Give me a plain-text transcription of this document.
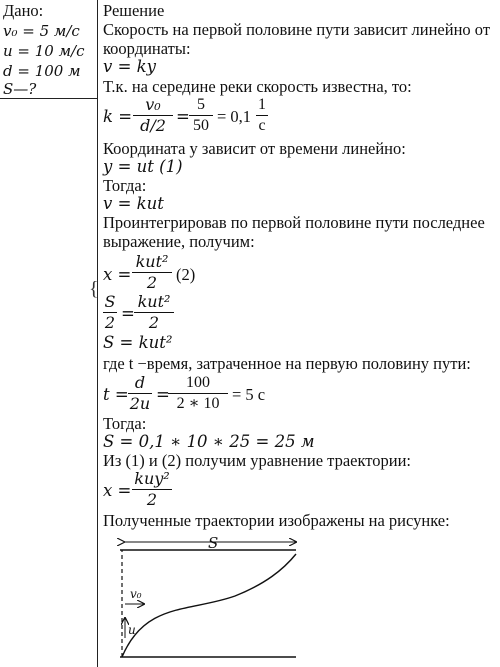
Дано:
v₀ = 5 м/с
u = 10 м/с
d = 100 м
S—?
Решение
Скорость на первой половине пути зависит линейно от
координаты:
v = ky
Т.к. на середине реки скорость известна, то:
k =
v₀
d/2 =
5
50 = 0,1
1
c
Координата y зависит от времени линейно:
y = ut (1)
Тогда:
v = kut
Проинтегрировав по первой половине пути последнее
выражение, получим:
x =
kut²
2	(2)
{
S
2 =
kut²
2
S = kut²
где t −время, затраченное на первую половину пути:
t =
d
2u =
100
2 ∗ 10 = 5 с
Тогда:
S = 0,1 ∗ 10 ∗ 25 = 25 м
Из (1) и (2) получим уравнение траектории:
x =
kuy²
2
Полученные траектории изображены на рисунке:
S
v₀
u
